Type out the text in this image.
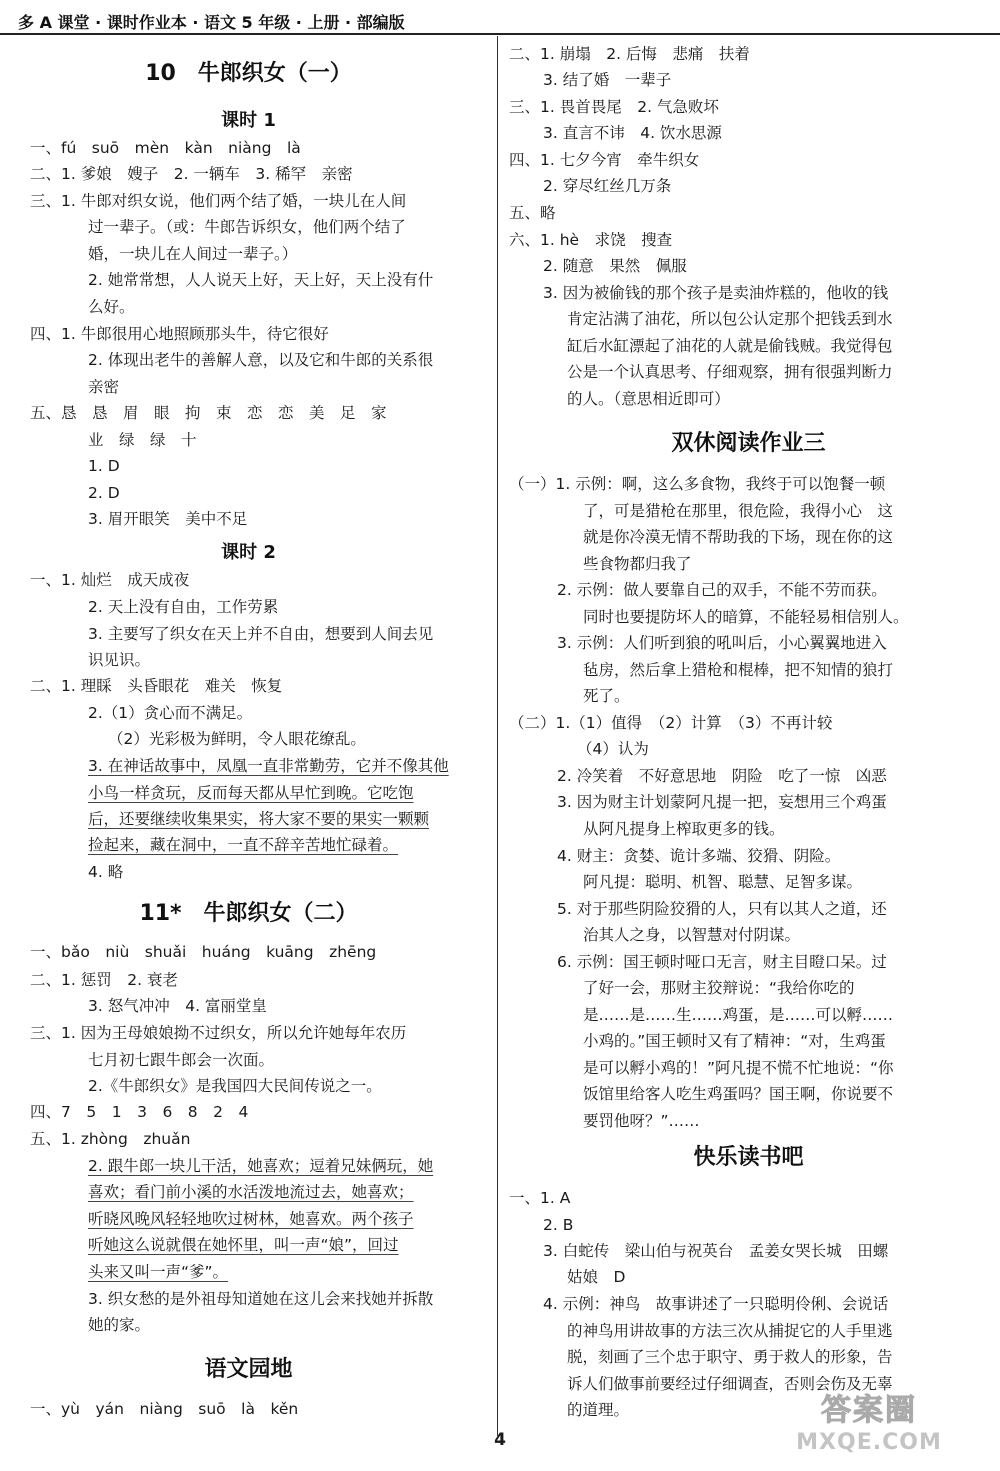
多 A 课堂 · 课时作业本 · 语文 5 年级 · 上册 · 部编版
10　牛郎织女（一）
课时 1
一、fú　suō　mèn　kàn　niàng　là
二、1. 爹娘　嫂子　2. 一辆车　3. 稀罕　亲密
三、1. 牛郎对织女说，他们两个结了婚，一块儿在人间
过一辈子。（或：牛郎告诉织女，他们两个结了
婚，一块儿在人间过一辈子。）
2. 她常常想，人人说天上好，天上好，天上没有什
么好。
四、1. 牛郎很用心地照顾那头牛，待它很好
2. 体现出老牛的善解人意，以及它和牛郎的关系很
亲密
五、恳　恳　眉　眼　拘　束　恋　恋　美　足　家
业　绿　绿　十
1. D
2. D
3. 眉开眼笑　美中不足
课时 2
一、1. 灿烂　成天成夜
2. 天上没有自由，工作劳累
3. 主要写了织女在天上并不自由，想要到人间去见
识见识。
二、1. 理睬　头昏眼花　难关　恢复
2.（1）贪心而不满足。
（2）光彩极为鲜明，令人眼花缭乱。
3. 在神话故事中，凤凰一直非常勤劳，它并不像其他
小鸟一样贪玩，反而每天都从早忙到晚。它吃饱
后，还要继续收集果实，将大家不要的果实一颗颗
捡起来，藏在洞中，一直不辞辛苦地忙碌着。
4. 略
11*　牛郎织女（二）
一、bǎo　niù　shuǎi　huáng　kuāng　zhēng
二、1. 惩罚　2. 衰老
3. 怒气冲冲　4. 富丽堂皇
三、1. 因为王母娘娘拗不过织女，所以允许她每年农历
七月初七跟牛郎会一次面。
2.《牛郎织女》是我国四大民间传说之一。
四、7　5　1　3　6　8　2　4
五、1. zhòng　zhuǎn
2. 跟牛郎一块儿干活，她喜欢；逗着兄妹俩玩，她
喜欢；看门前小溪的水活泼地流过去，她喜欢；
听晓风晚风轻轻地吹过树林，她喜欢。两个孩子
听她这么说就偎在她怀里，叫一声“娘”，回过
头来又叫一声“爹”。
3. 织女愁的是外祖母知道她在这儿会来找她并拆散
她的家。
语文园地
一、yù　yán　niàng　suō　là　kěn
二、1. 崩塌　2. 后悔　悲痛　扶着
3. 结了婚　一辈子
三、1. 畏首畏尾　2. 气急败坏
3. 直言不讳　4. 饮水思源
四、1. 七夕今宵　牵牛织女
2. 穿尽红丝几万条
五、略
六、1. hè　求饶　搜查
2. 随意　果然　佩服
3. 因为被偷钱的那个孩子是卖油炸糕的，他收的钱
肯定沾满了油花，所以包公认定那个把钱丢到水
缸后水缸漂起了油花的人就是偷钱贼。我觉得包
公是一个认真思考、仔细观察，拥有很强判断力
的人。（意思相近即可）
双休阅读作业三
（一）1. 示例：啊，这么多食物，我终于可以饱餐一顿
了，可是猎枪在那里，很危险，我得小心　这
就是你冷漠无情不帮助我的下场，现在你的这
些食物都归我了
2. 示例：做人要靠自己的双手，不能不劳而获。
同时也要提防坏人的暗算，不能轻易相信别人。
3. 示例：人们听到狼的吼叫后，小心翼翼地进入
毡房，然后拿上猎枪和棍棒，把不知情的狼打
死了。
（二）1.（1）值得　（2）计算　（3）不再计较
（4）认为
2. 冷笑着　不好意思地　阴险　吃了一惊　凶恶
3. 因为财主计划蒙阿凡提一把，妄想用三个鸡蛋
从阿凡提身上榨取更多的钱。
4. 财主：贪婪、诡计多端、狡猾、阴险。
阿凡提：聪明、机智、聪慧、足智多谋。
5. 对于那些阴险狡猾的人，只有以其人之道，还
治其人之身，以智慧对付阴谋。
6. 示例：国王顿时哑口无言，财主目瞪口呆。过
了好一会，那财主狡辩说：“我给你吃的
是……是……生……鸡蛋，是……可以孵……
小鸡的。”国王顿时又有了精神：“对，生鸡蛋
是可以孵小鸡的！”阿凡提不慌不忙地说：“你
饭馆里给客人吃生鸡蛋吗？国王啊，你说要不
要罚他呀？”……
快乐读书吧
一、1. A
2. B
3. 白蛇传　梁山伯与祝英台　孟姜女哭长城　田螺
姑娘　D
4. 示例：神鸟　故事讲述了一只聪明伶俐、会说话
的神鸟用讲故事的方法三次从捕捉它的人手里逃
脱，刻画了三个忠于职守、勇于救人的形象，告
诉人们做事前要经过仔细调查，否则会伤及无辜
的道理。
4
答案圈
MXQE.COM
